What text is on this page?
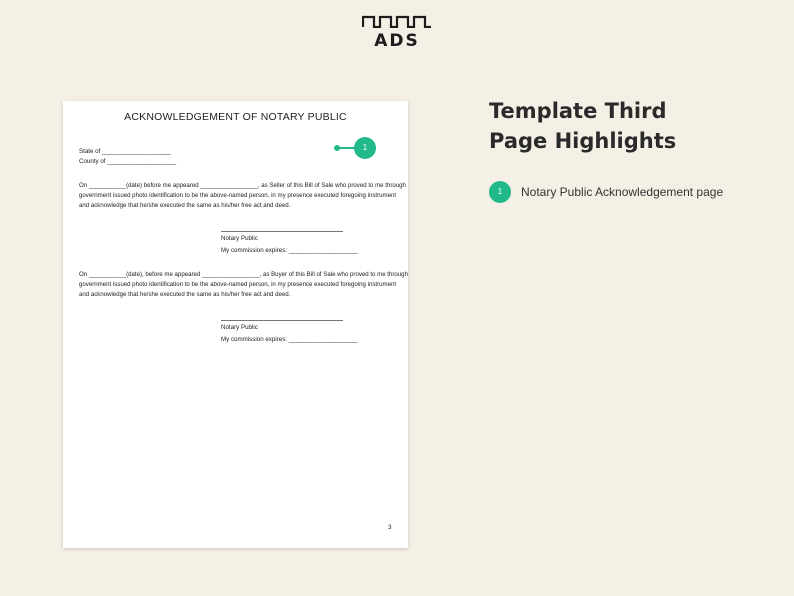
ADS
ACKNOWLEDGEMENT OF NOTARY PUBLIC
State of ____________________
County of ____________________
On ___________(date) before me appeared _________________, as Seller of this Bill of Sale who proved to me through
government issued photo identification to be the above-named person, in my presence executed foregoing instrument
and acknowledge that he/she executed the same as his/her free act and deed.
Notary Public
My commission expires: ____________________
On ___________(date), before me appeared _________________, as Buyer of this Bill of Sale who proved to me through
government issued photo identification to be the above-named person, in my presence executed foregoing instrument
and acknowledge that he/she executed the same as his/her free act and deed.
Notary Public
My commission expires: ____________________
3
1
Template Third
Page Highlights
1	Notary Public Acknowledgement page
